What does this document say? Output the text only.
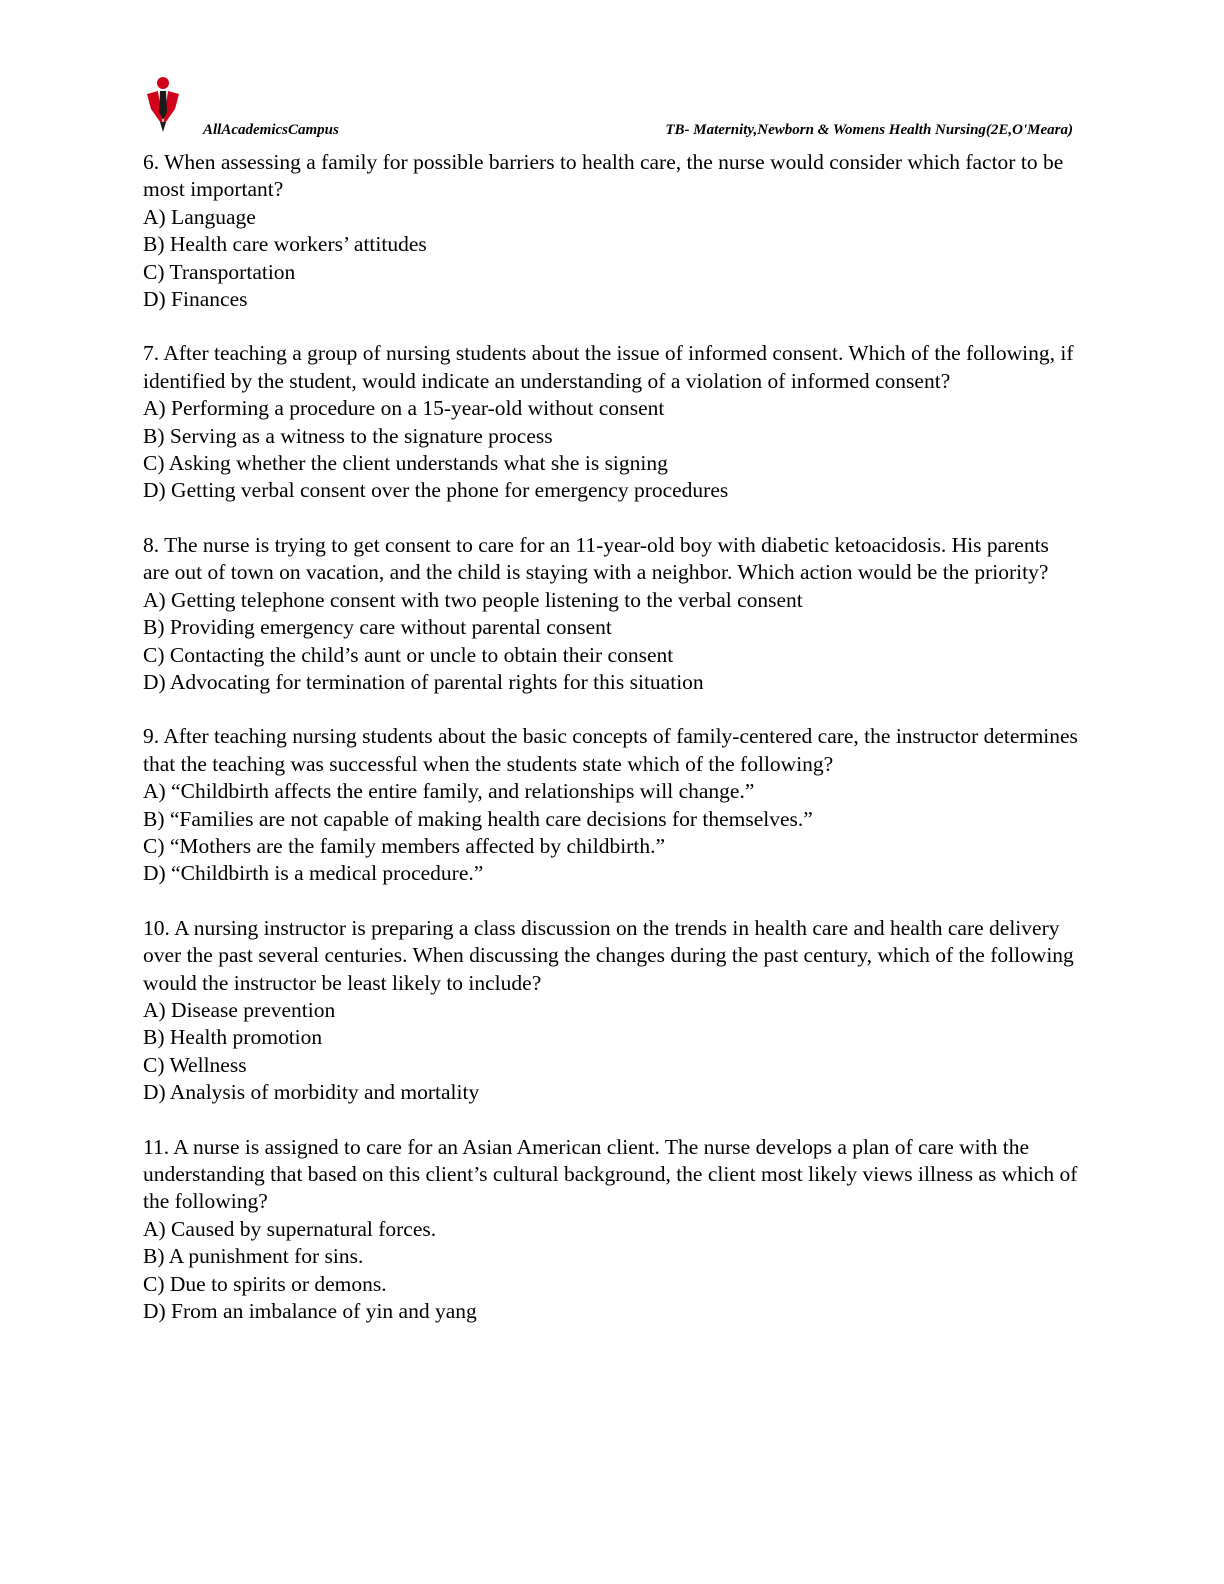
AllAcademicsCampus	TB- Maternity,Newborn & Womens Health Nursing(2E,O'Meara)

6. When assessing a family for possible barriers to health care, the nurse would consider which factor to be most important?

A) Language

B) Health care workers’ attitudes

C) Transportation

D) Finances

7. After teaching a group of nursing students about the issue of informed consent. Which of the following, if identified by the student, would indicate an understanding of a violation of informed consent?

A) Performing a procedure on a 15-year-old without consent

B) Serving as a witness to the signature process

C) Asking whether the client understands what she is signing

D) Getting verbal consent over the phone for emergency procedures

8. The nurse is trying to get consent to care for an 11-year-old boy with diabetic ketoacidosis. His parents are out of town on vacation, and the child is staying with a neighbor. Which action would be the priority?

A) Getting telephone consent with two people listening to the verbal consent

B) Providing emergency care without parental consent

C) Contacting the child’s aunt or uncle to obtain their consent

D) Advocating for termination of parental rights for this situation

9. After teaching nursing students about the basic concepts of family-centered care, the instructor determines that the teaching was successful when the students state which of the following?

A) “Childbirth affects the entire family, and relationships will change.”

B) “Families are not capable of making health care decisions for themselves.”

C) “Mothers are the family members affected by childbirth.”

D) “Childbirth is a medical procedure.”

10. A nursing instructor is preparing a class discussion on the trends in health care and health care delivery over the past several centuries. When discussing the changes during the past century, which of the following would the instructor be least likely to include?

A) Disease prevention

B) Health promotion

C) Wellness

D) Analysis of morbidity and mortality

11. A nurse is assigned to care for an Asian American client. The nurse develops a plan of care with the understanding that based on this client’s cultural background, the client most likely views illness as which of the following?

A) Caused by supernatural forces.

B) A punishment for sins.

C) Due to spirits or demons.

D) From an imbalance of yin and yang
